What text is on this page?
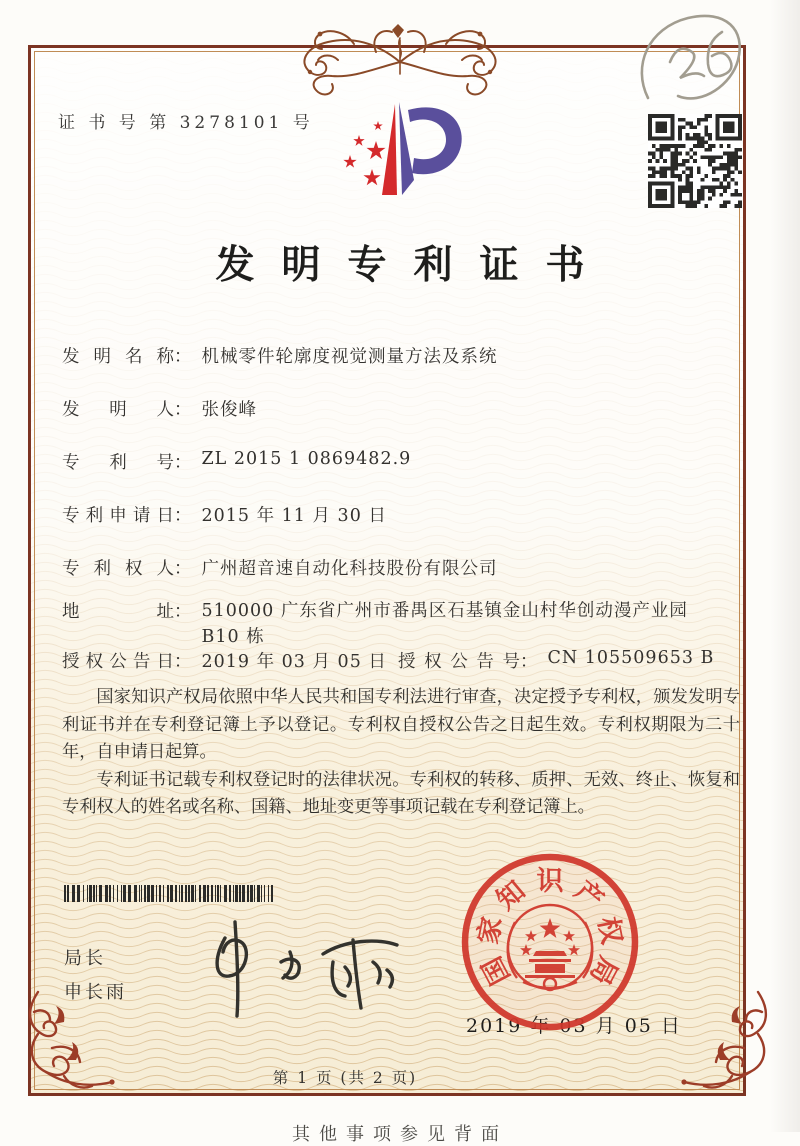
证 书 号 第 3278101 号
发明专利证书
发明名称： 机械零件轮廓度视觉测量方法及系统
发明人： 张俊峰
专利号： ZL 2015 1 0869482.9
专利申请日： 2015 年 11 月 30 日
专利权人： 广州超音速自动化科技股份有限公司
地址： 510000 广东省广州市番禺区石基镇金山村华创动漫产业园 B10 栋
授权公告日： 2019 年 03 月 05 日 授权公告号： CN 105509653 B

国家知识产权局依照中华人民共和国专利法进行审查，决定授予专利权，颁发发明专利证书并在专利登记簿上予以登记。专利权自授权公告之日起生效。专利权期限为二十年，自申请日起算。

专利证书记载专利权登记时的法律状况。专利权的转移、质押、无效、终止、恢复和专利权人的姓名或名称、国籍、地址变更等事项记载在专利登记簿上。

局长
申长雨
国
家
知 识 产
权
局
2019 年 03 月 05 日
第 1 页 (共 2 页)
其他事项参见背面
